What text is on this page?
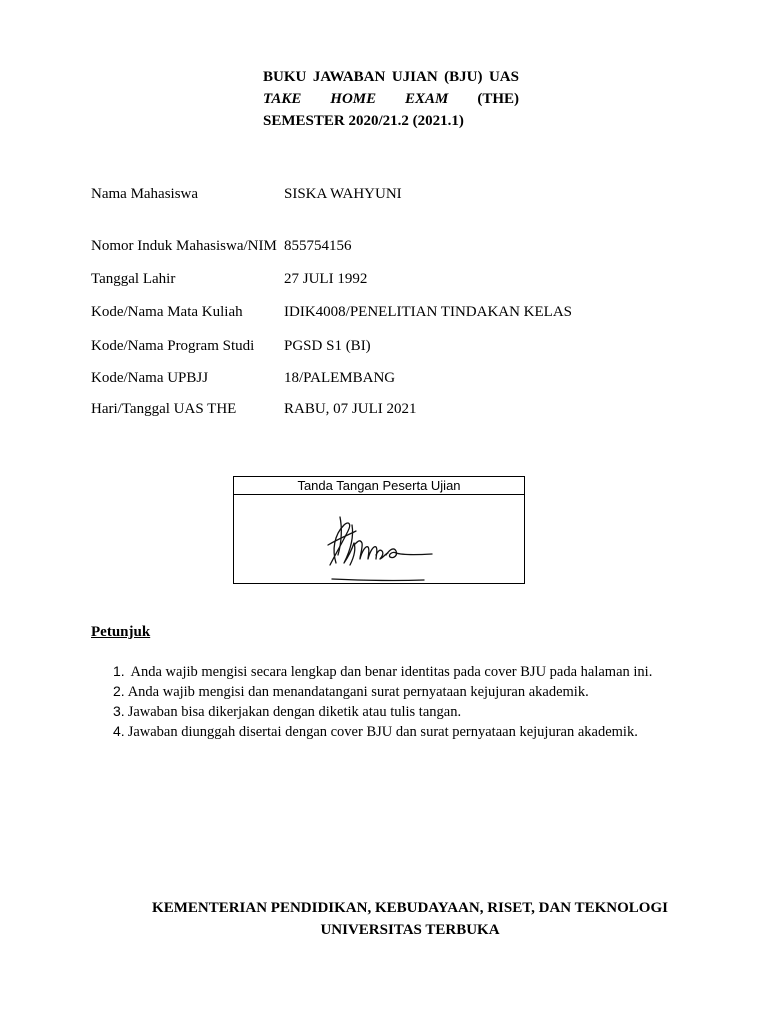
BUKU JAWABAN UJIAN (BJU) UAS
TAKE HOME EXAM (THE)
SEMESTER 2020/21.2 (2021.1)
Nama Mahasiswa	SISKA WAHYUNI
Nomor Induk Mahasiswa/NIM 855754156
Tanggal Lahir	27 JULI 1992
Kode/Nama Mata Kuliah	IDIK4008/PENELITIAN TINDAKAN KELAS
Kode/Nama Program Studi PGSD S1 (BI)
Kode/Nama UPBJJ	18/PALEMBANG
Hari/Tanggal UAS THE	RABU, 07 JULI 2021
Tanda Tangan Peserta Ujian
Petunjuk
1. Anda wajib mengisi secara lengkap dan benar identitas pada cover BJU pada halaman ini.
2. Anda wajib mengisi dan menandatangani surat pernyataan kejujuran akademik.
3. Jawaban bisa dikerjakan dengan diketik atau tulis tangan.
4. Jawaban diunggah disertai dengan cover BJU dan surat pernyataan kejujuran akademik.
KEMENTERIAN PENDIDIKAN, KEBUDAYAAN, RISET, DAN TEKNOLOGI
UNIVERSITAS TERBUKA
